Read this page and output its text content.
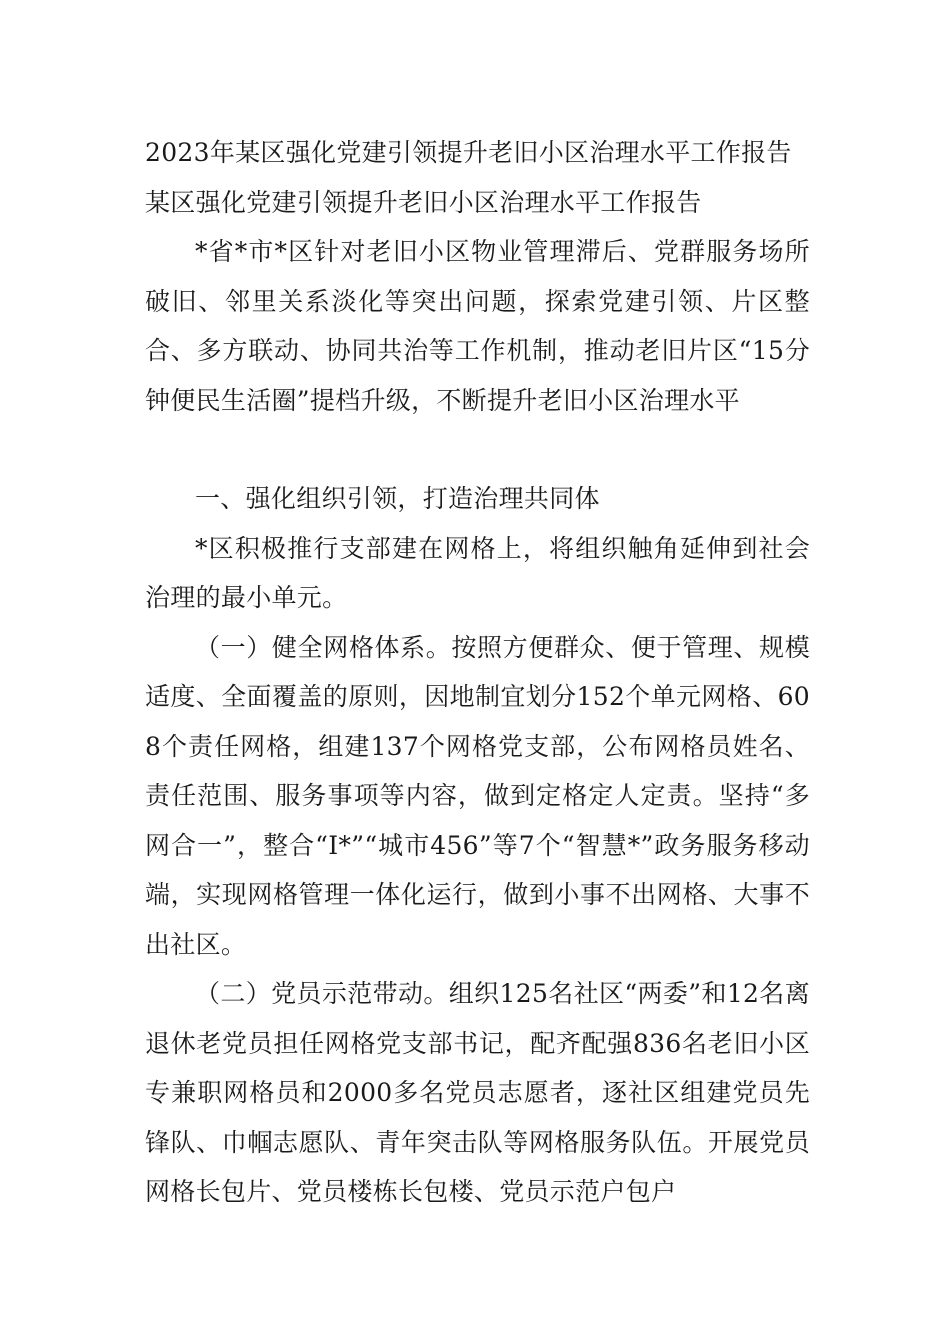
2023年某区强化党建引领提升老旧小区治理水平工作报告

某区强化党建引领提升老旧小区治理水平工作报告

*省*市*区针对老旧小区物业管理滞后、党群服务场所破旧、邻里关系淡化等突出问题，探索党建引领、片区整合、多方联动、协同共治等工作机制，推动老旧片区“15分钟便民生活圈”提档升级，不断提升老旧小区治理水平

一、强化组织引领，打造治理共同体

*区积极推行支部建在网格上，将组织触角延伸到社会治理的最小单元。

（一）健全网格体系。按照方便群众、便于管理、规模适度、全面覆盖的原则，因地制宜划分152个单元网格、608个责任网格，组建137个网格党支部，公布网格员姓名、责任范围、服务事项等内容，做到定格定人定责。坚持“多网合一”，整合“I*”“城市456”等7个“智慧*”政务服务移动端，实现网格管理一体化运行，做到小事不出网格、大事不出社区。

（二）党员示范带动。组织125名社区“两委”和12名离退休老党员担任网格党支部书记，配齐配强836名老旧小区专兼职网格员和2000多名党员志愿者，逐社区组建党员先锋队、巾帼志愿队、青年突击队等网格服务队伍。开展党员网格长包片、党员楼栋长包楼、党员示范户包户
